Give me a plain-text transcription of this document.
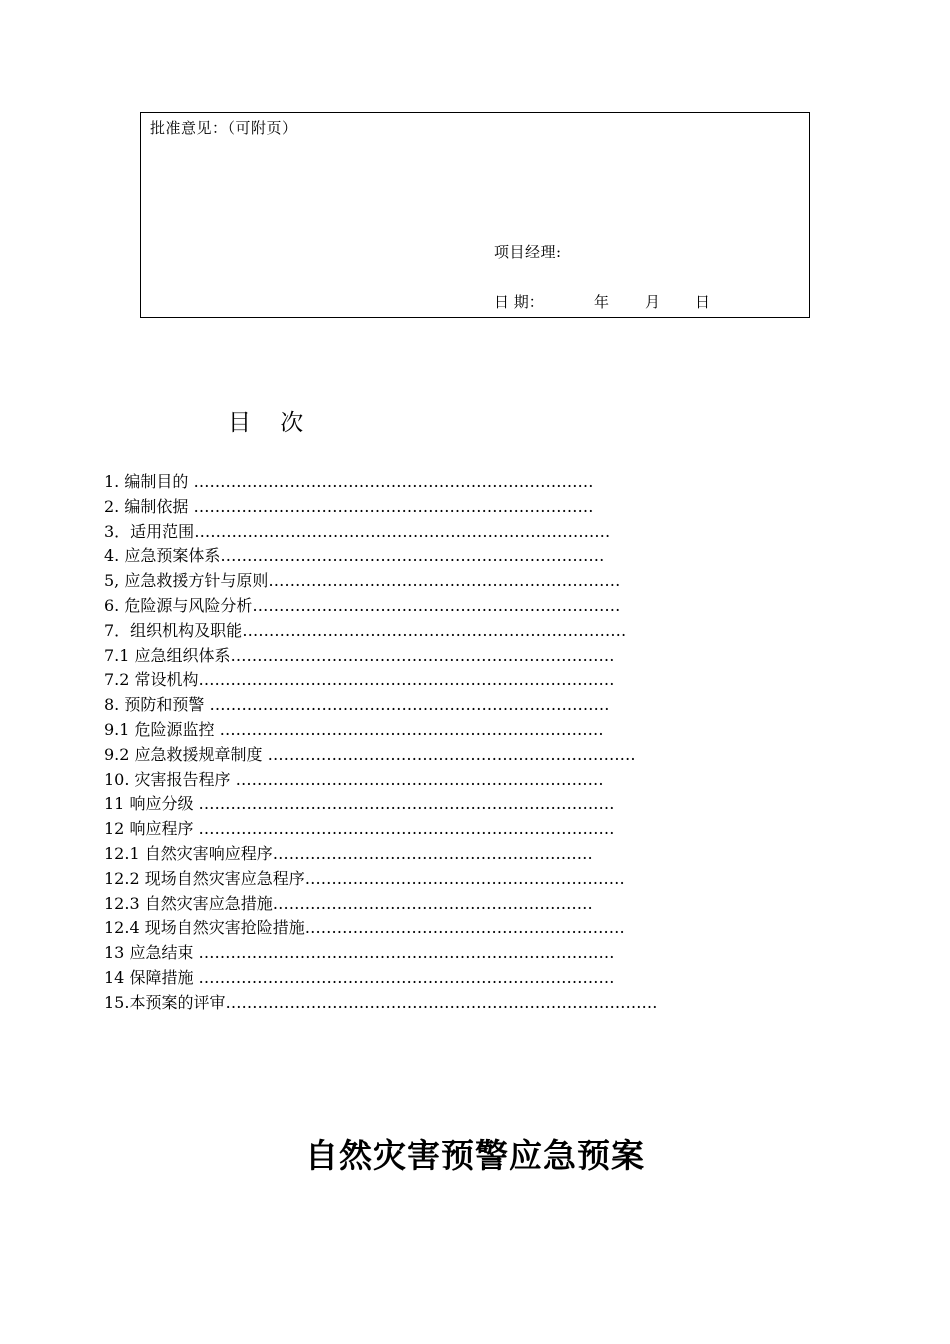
批准意见：（可附页）
项目经理:
日 期：	年 月 日
目    次
1. 编制目的 …………………………………………………………………
2. 编制依据 …………………………………………………………………
3．适用范围……………………………………………………………………
4. 应急预案体系………………………………………………………………
5, 应急救援方针与原则…………………………………………………………
6. 危险源与风险分析……………………………………………………………
7．组织机构及职能………………………………………………………………
7.1 应急组织体系………………………………………………………………
7.2 常设机构……………………………………………………………………
8. 预防和预警 …………………………………………………………………
9.1 危险源监控 ………………………………………………………………
9.2 应急救援规章制度 ……………………………………………………………
10. 灾害报告程序 ……………………………………………………………
11 响应分级 ……………………………………………………………………
12 响应程序 ……………………………………………………………………
12.1 自然灾害响应程序……………………………………………………
12.2 现场自然灾害应急程序……………………………………………………
12.3 自然灾害应急措施……………………………………………………
12.4 现场自然灾害抢险措施……………………………………………………
13 应急结束 ……………………………………………………………………
14 保障措施 ……………………………………………………………………
15.本预案的评审………………………………………………………………………
自然灾害预警应急预案
